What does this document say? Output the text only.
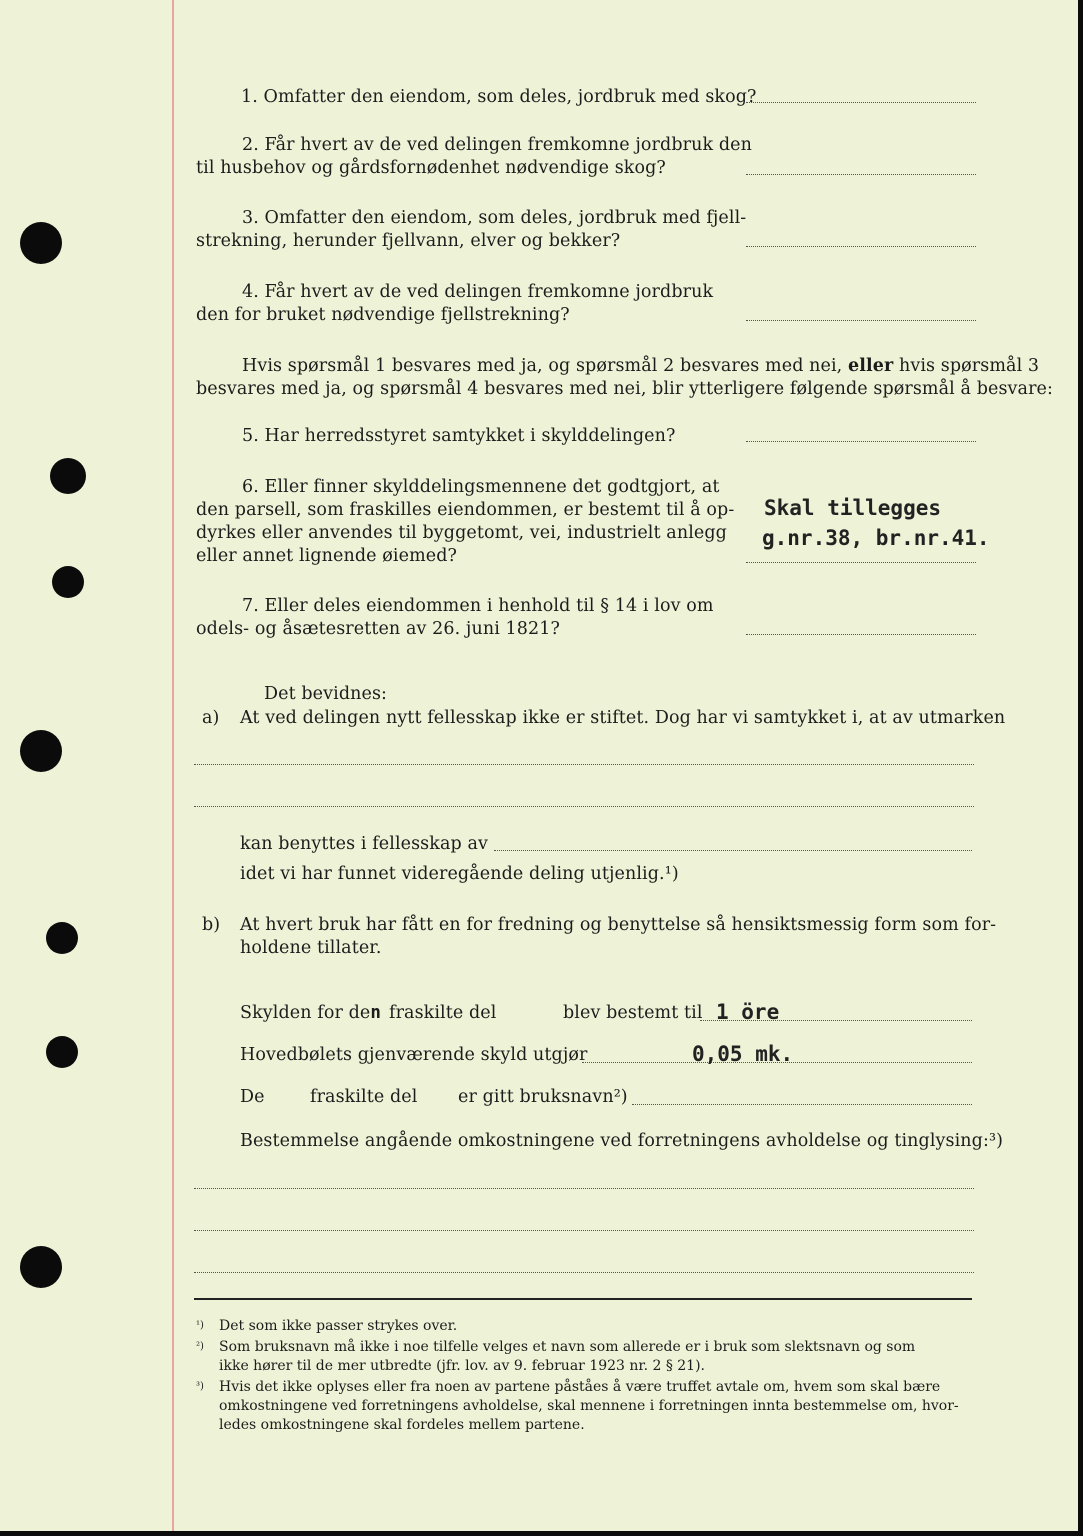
1. Omfatter den eiendom, som deles, jordbruk med skog?
2. Får hvert av de ved delingen fremkomne jordbruk den
til husbehov og gårdsfornødenhet nødvendige skog?
3. Omfatter den eiendom, som deles, jordbruk med fjell-
strekning, herunder fjellvann, elver og bekker?
4. Får hvert av de ved delingen fremkomne jordbruk
den for bruket nødvendige fjellstrekning?
Hvis spørsmål 1 besvares med ja, og spørsmål 2 besvares med nei, eller hvis spørsmål 3
besvares med ja, og spørsmål 4 besvares med nei, blir ytterligere følgende spørsmål å besvare:
5. Har herredsstyret samtykket i skylddelingen?
6. Eller finner skylddelingsmennene det godtgjort, at
den parsell, som fraskilles eiendommen, er bestemt til å op-
dyrkes eller anvendes til byggetomt, vei, industrielt anlegg
eller annet lignende øiemed?
Skal tillegges
g.nr.38, br.nr.41.
7. Eller deles eiendommen i henhold til § 14 i lov om
odels- og åsætesretten av 26. juni 1821?
Det bevidnes:
a) At ved delingen nytt fellesskap ikke er stiftet. Dog har vi samtykket i, at av utmarken
kan benyttes i fellesskap av
idet vi har funnet videregående deling utjenlig.¹)
b) At hvert bruk har fått en for fredning og benyttelse så hensiktsmessig form som for-
holdene tillater.
Skylden for den fraskilte del	blev bestemt til 1 öre
Hovedbølets gjenværende skyld utgjør	0,05 mk.
De	fraskilte del er gitt bruksnavn²)
Bestemmelse angående omkostningene ved forretningens avholdelse og tinglysing:³)
¹) Det som ikke passer strykes over.
²) Som bruksnavn må ikke i noe tilfelle velges et navn som allerede er i bruk som slektsnavn og som
ikke hører til de mer utbredte (jfr. lov. av 9. februar 1923 nr. 2 § 21).
³) Hvis det ikke oplyses eller fra noen av partene påståes å være truffet avtale om, hvem som skal bære
omkostningene ved forretningens avholdelse, skal mennene i forretningen innta bestemmelse om, hvor-
ledes omkostningene skal fordeles mellem partene.
